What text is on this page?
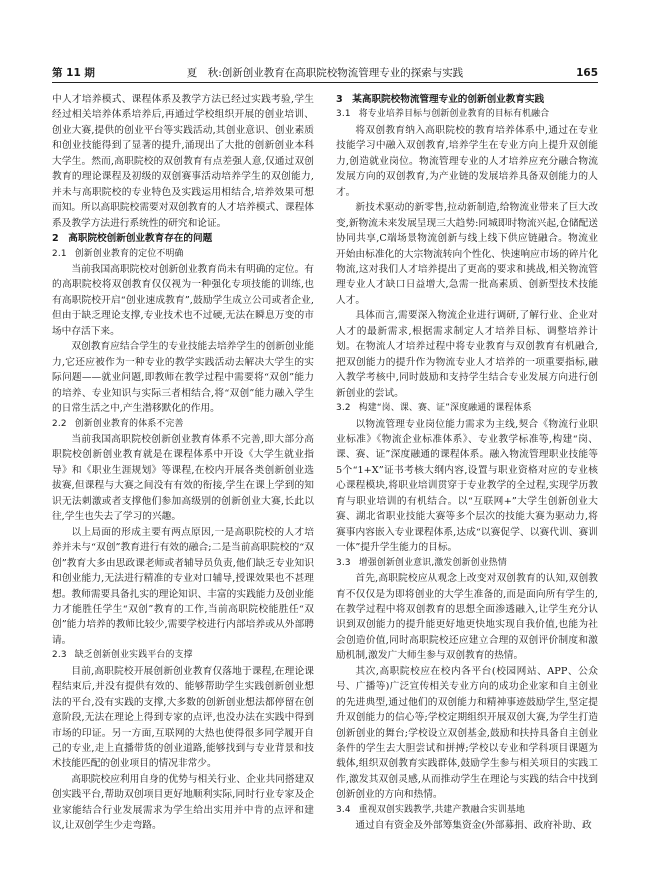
第 11 期	夏　秋:创新创业教育在高职院校物流管理专业的探索与实践	165

中人才培养模式、课程体系及教学方法已经过实践考验,学生经过相关培养体系培养后,再通过学校组织开展的创业培训、创业大赛,提供的创业平台等实践活动,其创业意识、创业素质和创业技能得到了显著的提升,涌现出了大批的创新创业本科大学生。然而,高职院校的双创教育有点差强人意,仅通过双创教育的理论课程及初级的双创赛事活动培养学生的双创能力,并未与高职院校的专业特色及实践运用相结合,培养效果可想而知。所以高职院校需要对双创教育的人才培养模式、课程体系及教学方法进行系统性的研究和论证。

2　高职院校创新创业教育存在的问题
2.1 创新创业教育的定位不明确

当前我国高职院校对创新创业教育尚未有明确的定位。有的高职院校将双创教育仅仅视为一种强化专项技能的训练,也有高职院校开启“创业速成教育”,鼓励学生成立公司或者企业,但由于缺乏理论支撑,专业技术也不过硬,无法在瞬息万变的市场中存活下来。

双创教育应结合学生的专业技能去培养学生的创新创业能力,它还应被作为一种专业的教学实践活动去解决大学生的实际问题——就业问题,即教师在教学过程中需要将“双创”能力的培养、专业知识与实际三者相结合,将“双创”能力融入学生的日常生活之中,产生潜移默化的作用。

2.2 创新创业教育的体系不完善

当前我国高职院校创新创业教育体系不完善,即大部分高职院校创新创业教育就是在课程体系中开设《大学生就业指导》和《职业生涯规划》等课程,在校内开展各类创新创业选拔赛,但课程与大赛之间没有有效的衔接,学生在课上学到的知识无法刺激或者支撑他们参加高级别的创新创业大赛,长此以往,学生也失去了学习的兴趣。

以上局面的形成主要有两点原因,一是高职院校的人才培养并未与“双创”教育进行有效的融合;二是当前高职院校的“双创”教育大多由思政课老师或者辅导员负责,他们缺乏专业知识和创业能力,无法进行精准的专业对口辅导,授课效果也不甚理想。教师需要具备扎实的理论知识、丰富的实践能力及创业能力才能胜任学生“双创”教育的工作,当前高职院校能胜任“双创”能力培养的教师比较少,需要学校进行内部培养或从外部聘请。

2.3 缺乏创新创业实践平台的支撑

目前,高职院校开展创新创业教育仅落地于课程,在理论课程结束后,并没有提供有效的、能够帮助学生实践创新创业想法的平台,没有实践的支撑,大多数的创新创业想法都停留在创意阶段,无法在理论上得到专家的点评,也没办法在实践中得到市场的印证。另一方面,互联网的大热也使得很多同学履开自己的专业,走上直播带货的创业道路,能够找到与专业背景和技术技能匹配的创业项目的情况非常少。

高职院校应利用自身的优势与相关行业、企业共同搭建双创实践平台,帮助双创项目更好地顺利实际,同时行业专家及企业家能结合行业发展需求为学生给出实用并中肯的点评和建议,让双创学生少走弯路。

3　某高职院校物流管理专业的创新创业教育实践
3.1 将专业培养目标与创新创业教育的目标有机融合

将双创教育纳入高职院校的教育培养体系中,通过在专业技能学习中融入双创教育,培养学生在专业方向上提升双创能力,创造就业岗位。物流管理专业的人才培养应充分融合物流发展方向的双创教育,为产业链的发展培养具备双创能力的人才。

新技术驱动的新零售,拉动新制造,给物流业带来了巨大改变,新物流未来发展呈现三大趋势:同城即时物流兴起,仓储配送协同共享,C端场景物流创新与线上线下供应链融合。物流业开始由标准化的大宗物流转向个性化、快速响应市场的碎片化物流,这对我们人才培养提出了更高的要求和挑战,相关物流管理专业人才缺口日益增大,急需一批高素质、创新型技术技能人才。

具体而言,需要深入物流企业进行调研,了解行业、企业对人才的最新需求,根据需求制定人才培养目标、调整培养计划。在物流人才培养过程中将专业教育与双创教育有机融合,把双创能力的提升作为物流专业人才培养的一项重要指标,融入教学考核中,同时鼓励和支持学生结合专业发展方向进行创新创业的尝试。

3.2 构建“岗、课、赛、证”深度融通的课程体系

以物流管理专业岗位能力需求为主线,契合《物流行业职业标准》《物流企业标准体系》、专业教学标准等,构建“岗、课、赛、证”深度融通的课程体系。融入物流管理职业技能等5个“1+X”证书考核大纲内容,设置与职业资格对应的专业核心课程模块,将职业培训贯穿于专业教学的全过程,实现学历教育与职业培训的有机结合。以“互联网+”大学生创新创业大赛、湖北省职业技能大赛等多个层次的技能大赛为驱动力,将赛事内容嵌入专业课程体系,达成“以赛促学、以赛代训、赛训一体”提升学生能力的目标。

3.3 增强创新创业意识,激发创新创业热情

首先,高职院校应从观念上改变对双创教育的认知,双创教育不仅仅是为即将创业的大学生准备的,而是面向所有学生的,在教学过程中将双创教育的思想全面渗透融入,让学生充分认识到双创能力的提升能更好地更快地实现自我价值,也能为社会创造价值,同时高职院校还应建立合理的双创评价制度和激励机制,激发广大师生参与双创教育的热情。

其次,高职院校应在校内各平台(校园网站、APP、公众号、广播等)广泛宣传相关专业方向的成功企业家和自主创业的先进典型,通过他们的双创能力和精神事迹鼓励学生,坚定提升双创能力的信心等;学校定期组织开展双创大赛,为学生打造创新创业的舞台;学校设立双创基金,鼓励和扶持具备自主创业条件的学生去大胆尝试和拼搏;学校以专业和学科项目课题为载体,组织双创教育实践群体,鼓励学生参与相关项目的实践工作,激发其双创灵感,从而推动学生在理论与实践的结合中找到创新创业的方向和热情。

3.4 重视双创实践教学,共建产教融合实训基地

通过自有资金及外部筹集资金(外部募捐、政府补助、政
